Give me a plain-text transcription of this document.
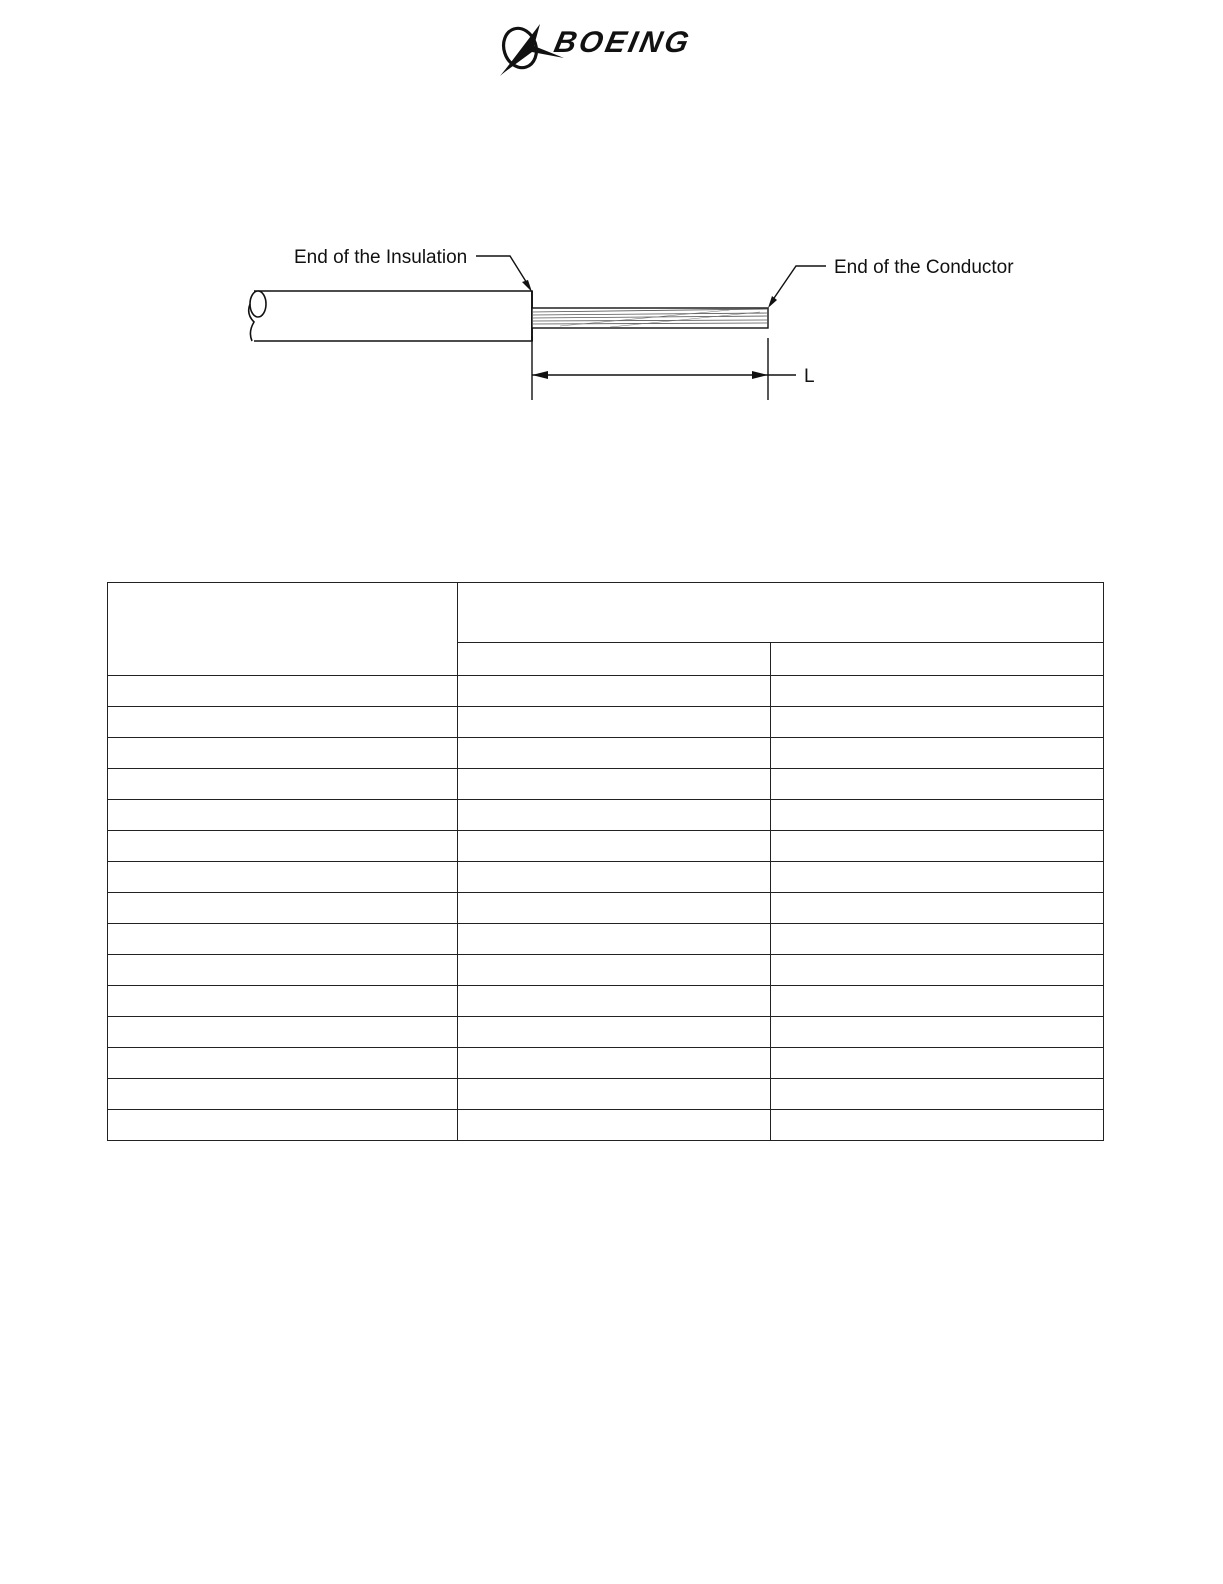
BOEING
End of the Insulation	End of the Conductor
L
